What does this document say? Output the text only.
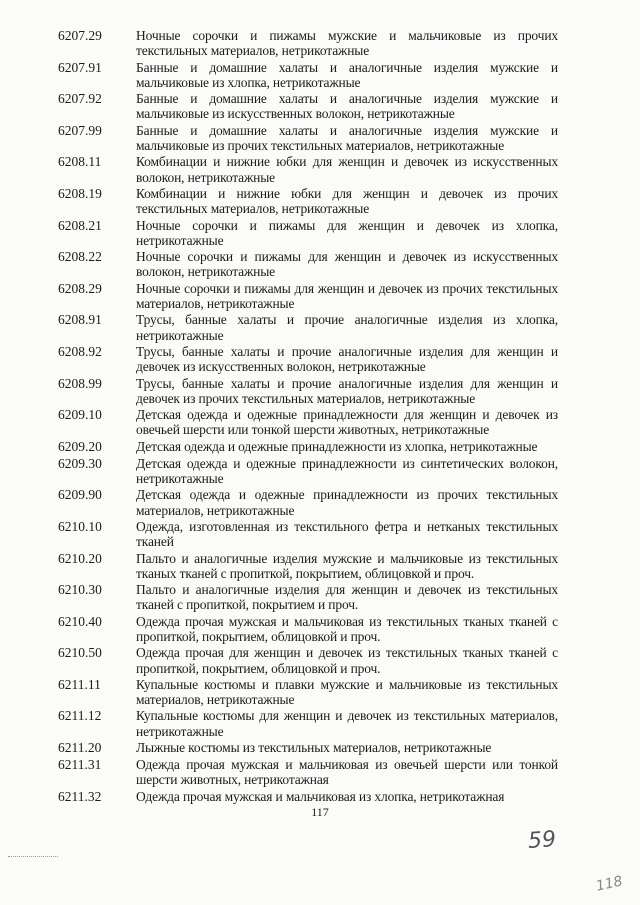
6207.29	Ночные сорочки и пижамы мужские и мальчиковые из прочих текстильных материалов, нетрикотажные
6207.91	Банные и домашние халаты и аналогичные изделия мужские и мальчиковые из хлопка, нетрикотажные
6207.92	Банные и домашние халаты и аналогичные изделия мужские и мальчиковые из искусственных волокон, нетрикотажные
6207.99	Банные и домашние халаты и аналогичные изделия мужские и мальчиковые из прочих текстильных материалов, нетрикотажные
6208.11	Комбинации и нижние юбки для женщин и девочек из искусственных волокон, нетрикотажные
6208.19	Комбинации и нижние юбки для женщин и девочек из прочих текстильных материалов, нетрикотажные
6208.21	Ночные сорочки и пижамы для женщин и девочек из хлопка, нетрикотажные
6208.22	Ночные сорочки и пижамы для женщин и девочек из искусственных волокон, нетрикотажные
6208.29	Ночные сорочки и пижамы для женщин и девочек из прочих текстильных материалов, нетрикотажные
6208.91	Трусы, банные халаты и прочие аналогичные изделия из хлопка, нетрикотажные
6208.92	Трусы, банные халаты и прочие аналогичные изделия для женщин и девочек из искусственных волокон, нетрикотажные
6208.99	Трусы, банные халаты и прочие аналогичные изделия для женщин и девочек из прочих текстильных материалов, нетрикотажные
6209.10	Детская одежда и одежные принадлежности для женщин и девочек из овечьей шерсти или тонкой шерсти животных, нетрикотажные
6209.20	Детская одежда и одежные принадлежности из хлопка, нетрикотажные
6209.30	Детская одежда и одежные принадлежности из синтетических волокон, нетрикотажные
6209.90	Детская одежда и одежные принадлежности из прочих текстильных материалов, нетрикотажные
6210.10	Одежда, изготовленная из текстильного фетра и нетканых текстильных тканей
6210.20	Пальто и аналогичные изделия мужские и мальчиковые из текстильных тканых тканей с пропиткой, покрытием, облицовкой и проч.
6210.30	Пальто и аналогичные изделия для женщин и девочек из текстильных тканей с пропиткой, покрытием и проч.
6210.40	Одежда прочая мужская и мальчиковая из текстильных тканых тканей с пропиткой, покрытием, облицовкой и проч.
6210.50	Одежда прочая для женщин и девочек из текстильных тканых тканей с пропиткой, покрытием, облицовкой и проч.
6211.11	Купальные костюмы и плавки мужские и мальчиковые из текстильных материалов, нетрикотажные
6211.12	Купальные костюмы для женщин и девочек из текстильных материалов, нетрикотажные
6211.20	Лыжные костюмы из текстильных материалов, нетрикотажные
6211.31	Одежда прочая мужская и мальчиковая из овечьей шерсти или тонкой шерсти животных, нетрикотажная
6211.32	Одежда прочая мужская и мальчиковая из хлопка, нетрикотажная
117
59
118
